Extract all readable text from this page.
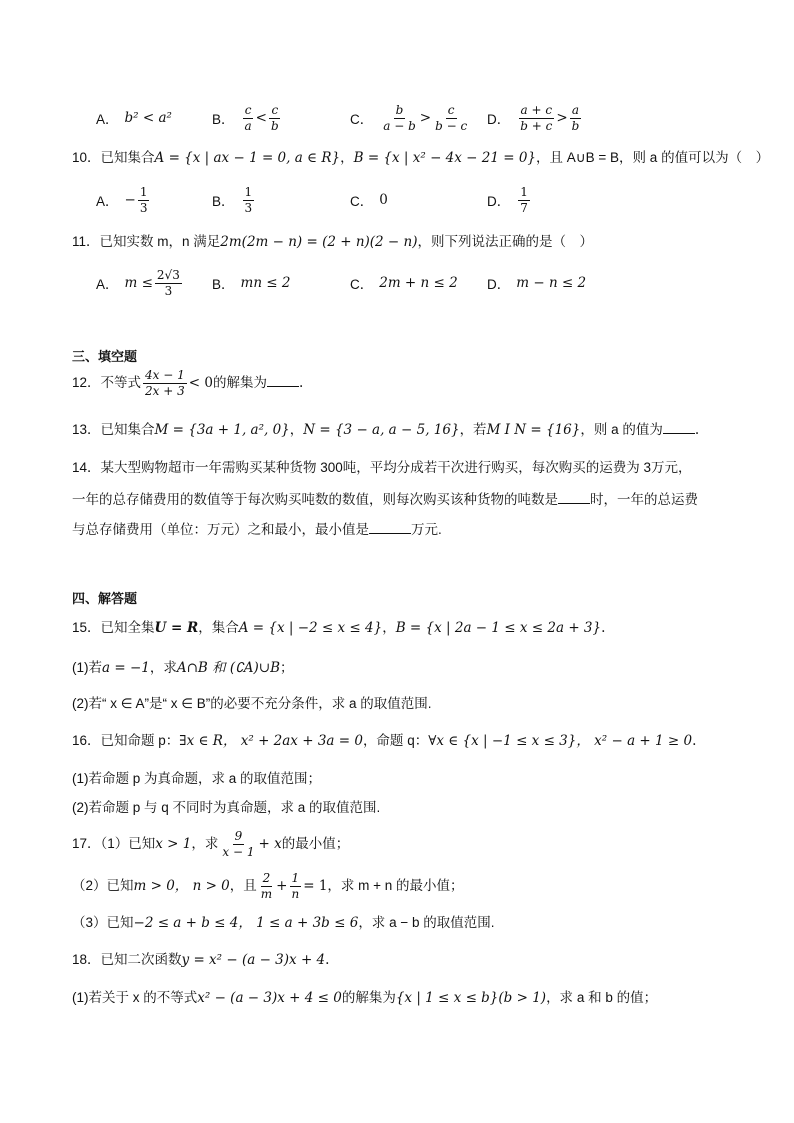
A． b² < a²	B． $\frac{c}{a} < \frac{c}{b}$	C． $\frac{b}{a - b} > \frac{c}{b - c}$ D． $\frac{a + c}{b + c} > \frac{a}{b}$
10．已知集合A = {x | ax − 1 = 0, a ∈ R}，B = {x | x² − 4x − 21 = 0}，且 A∪B = B，则 a 的值可以为（　）
A． − $\frac{1}{3}$	B． $\frac{1}{3}$	C． 0	D． $\frac{1}{7}$
11．已知实数 m，n 满足2m(2m − n) = (2 + n)(2 − n)，则下列说法正确的是（　）
A． $m \le \frac{2√3}{3}$ B． mn ≤ 2	C． 2m + n ≤ 2 D． m − n ≤ 2
三、填空题
12．不等式 $\frac{4x - 1}{2x + 3} < 0$的解集为 .
13．已知集合M = {3a + 1, a², 0}，N = {3 − a, a − 5, 16}，若M I N = {16}，则 a 的值为 .
14．某大型购物超市一年需购买某种货物 300吨，平均分成若干次进行购买，每次购买的运费为 3万元，
一年的总存储费用的数值等于每次购买吨数的数值，则每次购买该种货物的吨数是 时，一年的总运费
与总存储费用（单位：万元）之和最小，最小值是	万元.
四、解答题
15．已知全集U = R，集合A = {x | −2 ≤ x ≤ 4}，B = {x | 2a − 1 ≤ x ≤ 2a + 3}.
(1)若a = −1，求A∩B 和 (∁A)∪B；
(2)若“ x ∈ A”是“ x ∈ B”的必要不充分条件，求 a 的取值范围.
16．已知命题 p：∃x ∈ R， x² + 2ax + 3a = 0，命题 q：∀x ∈ {x | −1 ≤ x ≤ 3}， x² − a + 1 ≥ 0.
(1)若命题 p 为真命题，求 a 的取值范围；
(2)若命题 p 与 q 不同时为真命题，求 a 的取值范围.
17．（1）已知x > 1，求 $\frac{9}{x - 1} + x$的最小值；
（2）已知m > 0， n > 0，且 $\frac{2}{m} + \frac{1}{n} = 1$，求 m + n 的最小值；
（3）已知−2 ≤ a + b ≤ 4， 1 ≤ a + 3b ≤ 6，求 a − b 的取值范围.
18．已知二次函数y = x² − (a − 3)x + 4.
(1)若关于 x 的不等式x² − (a − 3)x + 4 ≤ 0的解集为{x | 1 ≤ x ≤ b}(b > 1)，求 a 和 b 的值；
